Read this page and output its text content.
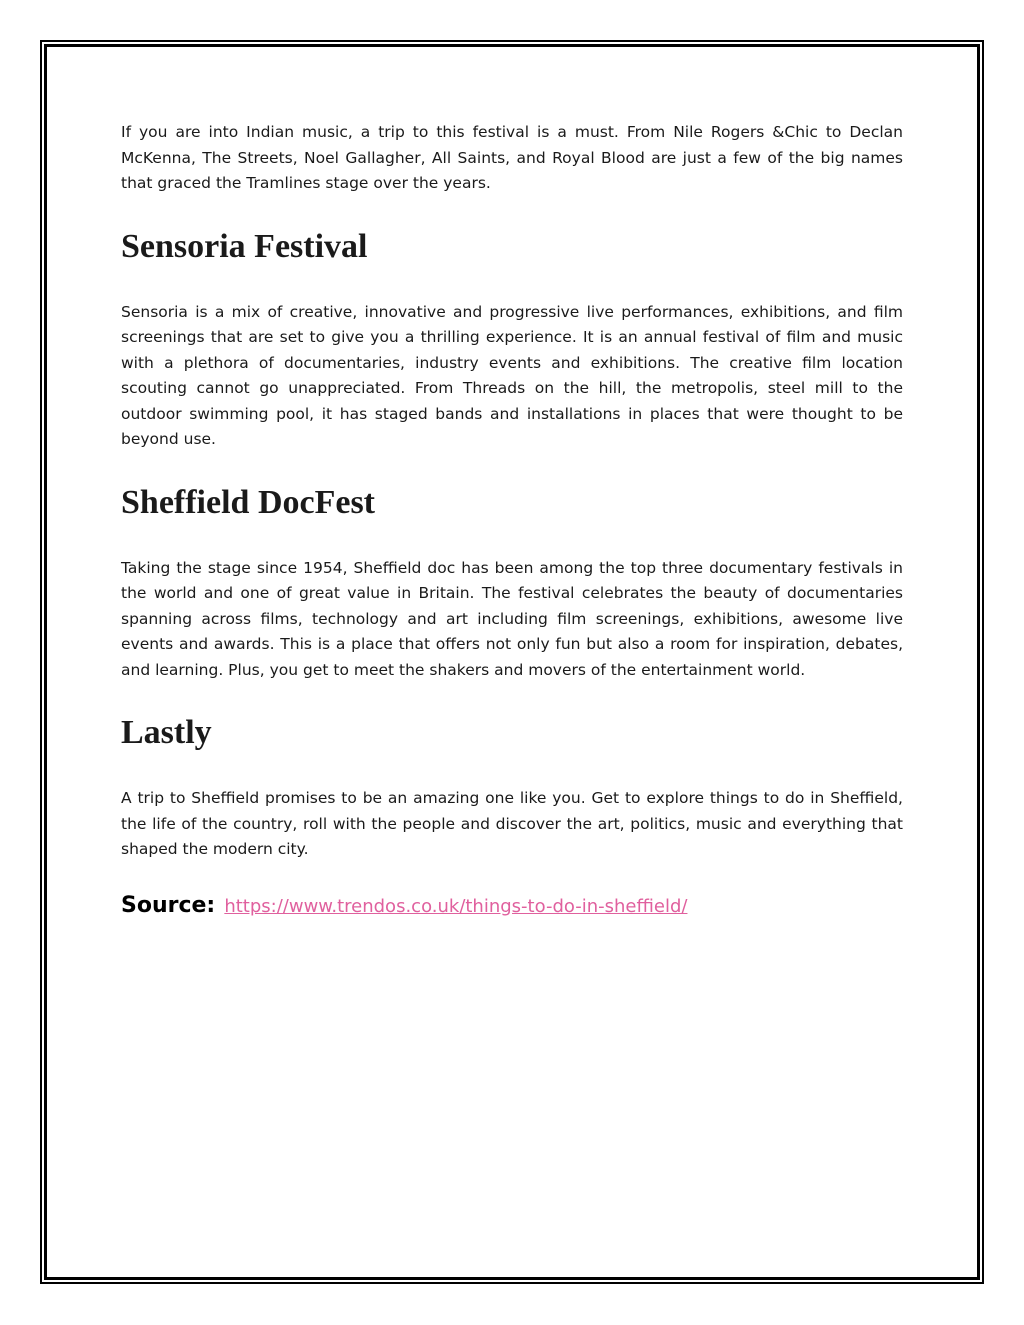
If you are into Indian music, a trip to this festival is a must. From Nile Rogers &Chic to Declan McKenna, The Streets, Noel Gallagher, All Saints, and Royal Blood are just a few of the big names that graced the Tramlines stage over the years.

Sensoria Festival

Sensoria is a mix of creative, innovative and progressive live performances, exhibitions, and film screenings that are set to give you a thrilling experience. It is an annual festival of film and music with a plethora of documentaries, industry events and exhibitions. The creative film location scouting cannot go unappreciated. From Threads on the hill, the metropolis, steel mill to the outdoor swimming pool, it has staged bands and installations in places that were thought to be beyond use.

Sheffield DocFest

Taking the stage since 1954, Sheffield doc has been among the top three documentary festivals in the world and one of great value in Britain. The festival celebrates the beauty of documentaries spanning across films, technology and art including film screenings, exhibitions, awesome live events and awards. This is a place that offers not only fun but also a room for inspiration, debates, and learning. Plus, you get to meet the shakers and movers of the entertainment world.

Lastly

A trip to Sheffield promises to be an amazing one like you. Get to explore things to do in Sheffield, the life of the country, roll with the people and discover the art, politics, music and everything that shaped the modern city.

Source: https://www.trendos.co.uk/things-to-do-in-sheffield/
